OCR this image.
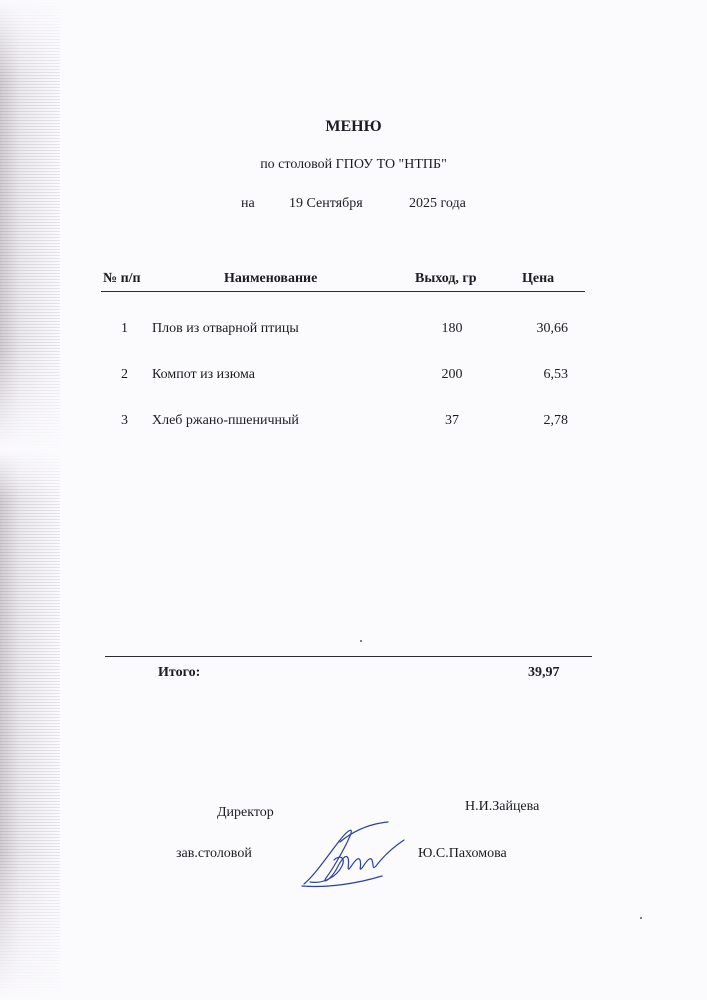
МЕНЮ
по столовой ГПОУ ТО "НТПБ"
на 19 Сентября	2025 года
№ п/п	Наименование	Выход, гр	Цена
1 Плов из отварной птицы	180	30,66
2 Компот из изюма	200	6,53
3 Хлеб ржано-пшеничный	37	2,78
Итого:	39,97
Директор	Н.И.Зайцева
зав.столовой	Ю.С.Пахомова
